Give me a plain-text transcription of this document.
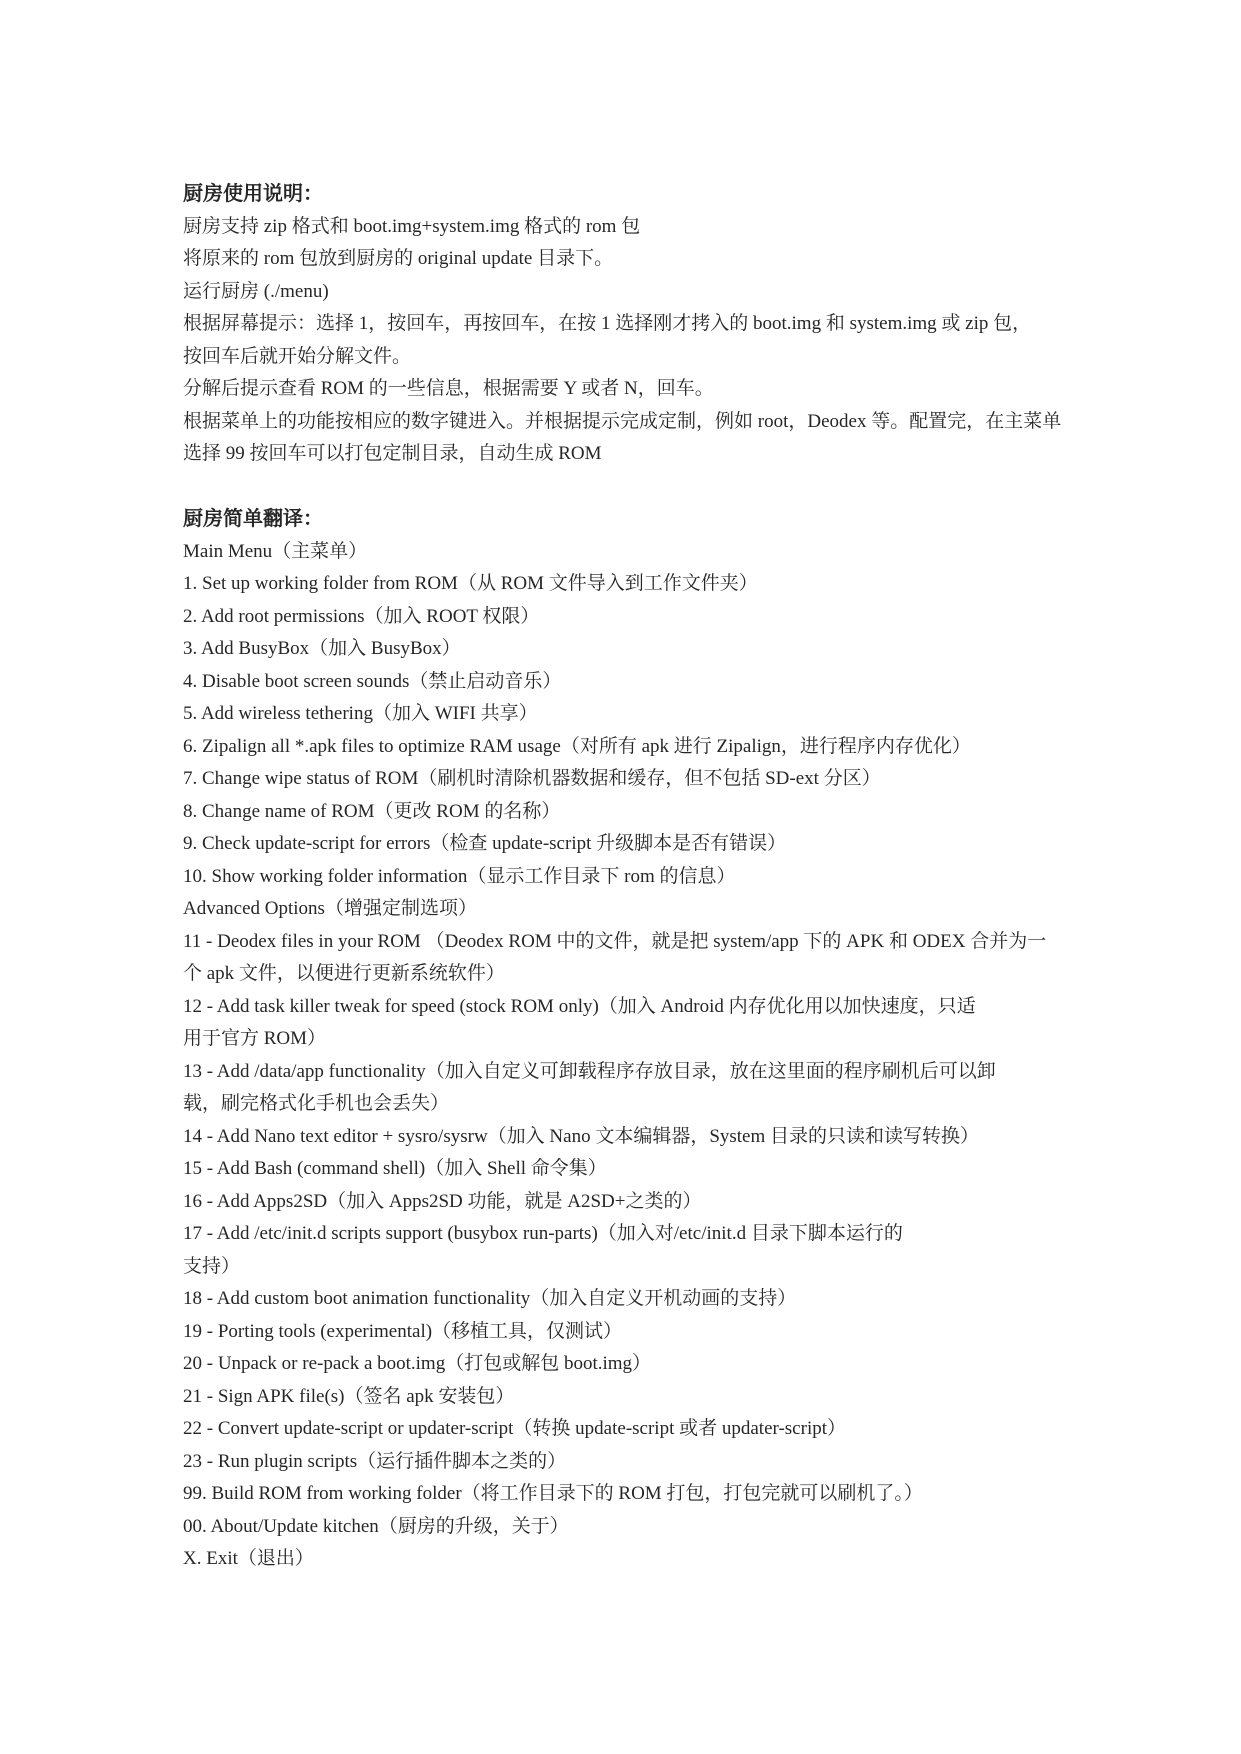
厨房使用说明：
厨房支持 zip 格式和 boot.img+system.img 格式的 rom 包
将原来的 rom 包放到厨房的 original update 目录下。
运行厨房 (./menu)
根据屏幕提示：选择 1，按回车，再按回车，在按 1 选择刚才拷入的 boot.img 和 system.img 或 zip 包，
按回车后就开始分解文件。
分解后提示查看 ROM 的一些信息，根据需要 Y 或者 N，回车。
根据菜单上的功能按相应的数字键进入。并根据提示完成定制，例如 root，Deodex 等。配置完，在主菜单
选择 99 按回车可以打包定制目录，自动生成 ROM
厨房简单翻译：
Main Menu（主菜单）
1. Set up working folder from ROM（从 ROM 文件导入到工作文件夹）
2. Add root permissions（加入 ROOT 权限）
3. Add BusyBox（加入 BusyBox）
4. Disable boot screen sounds（禁止启动音乐）
5. Add wireless tethering（加入 WIFI 共享）
6. Zipalign all *.apk files to optimize RAM usage（对所有 apk 进行 Zipalign，进行程序内存优化）
7. Change wipe status of ROM（刷机时清除机器数据和缓存，但不包括 SD-ext 分区）
8. Change name of ROM（更改 ROM 的名称）
9. Check update-script for errors（检查 update-script 升级脚本是否有错误）
10. Show working folder information（显示工作目录下 rom 的信息）
Advanced Options（增强定制选项）
11 - Deodex files in your ROM （Deodex ROM 中的文件，就是把 system/app 下的 APK 和 ODEX 合并为一
个 apk 文件，以便进行更新系统软件）
12 - Add task killer tweak for speed (stock ROM only)（加入 Android 内存优化用以加快速度，只适
用于官方 ROM）
13 - Add /data/app functionality（加入自定义可卸载程序存放目录，放在这里面的程序刷机后可以卸
载，刷完格式化手机也会丢失）
14 - Add Nano text editor + sysro/sysrw（加入 Nano 文本编辑器，System 目录的只读和读写转换）
15 - Add Bash (command shell)（加入 Shell 命令集）
16 - Add Apps2SD（加入 Apps2SD 功能，就是 A2SD+之类的）
17 - Add /etc/init.d scripts support (busybox run-parts)（加入对/etc/init.d 目录下脚本运行的
支持）
18 - Add custom boot animation functionality（加入自定义开机动画的支持）
19 - Porting tools (experimental)（移植工具，仅测试）
20 - Unpack or re-pack a boot.img（打包或解包 boot.img）
21 - Sign APK file(s)（签名 apk 安装包）
22 - Convert update-script or updater-script（转换 update-script 或者 updater-script）
23 - Run plugin scripts（运行插件脚本之类的）
99. Build ROM from working folder（将工作目录下的 ROM 打包，打包完就可以刷机了。）
00. About/Update kitchen（厨房的升级，关于）
X. Exit（退出）
